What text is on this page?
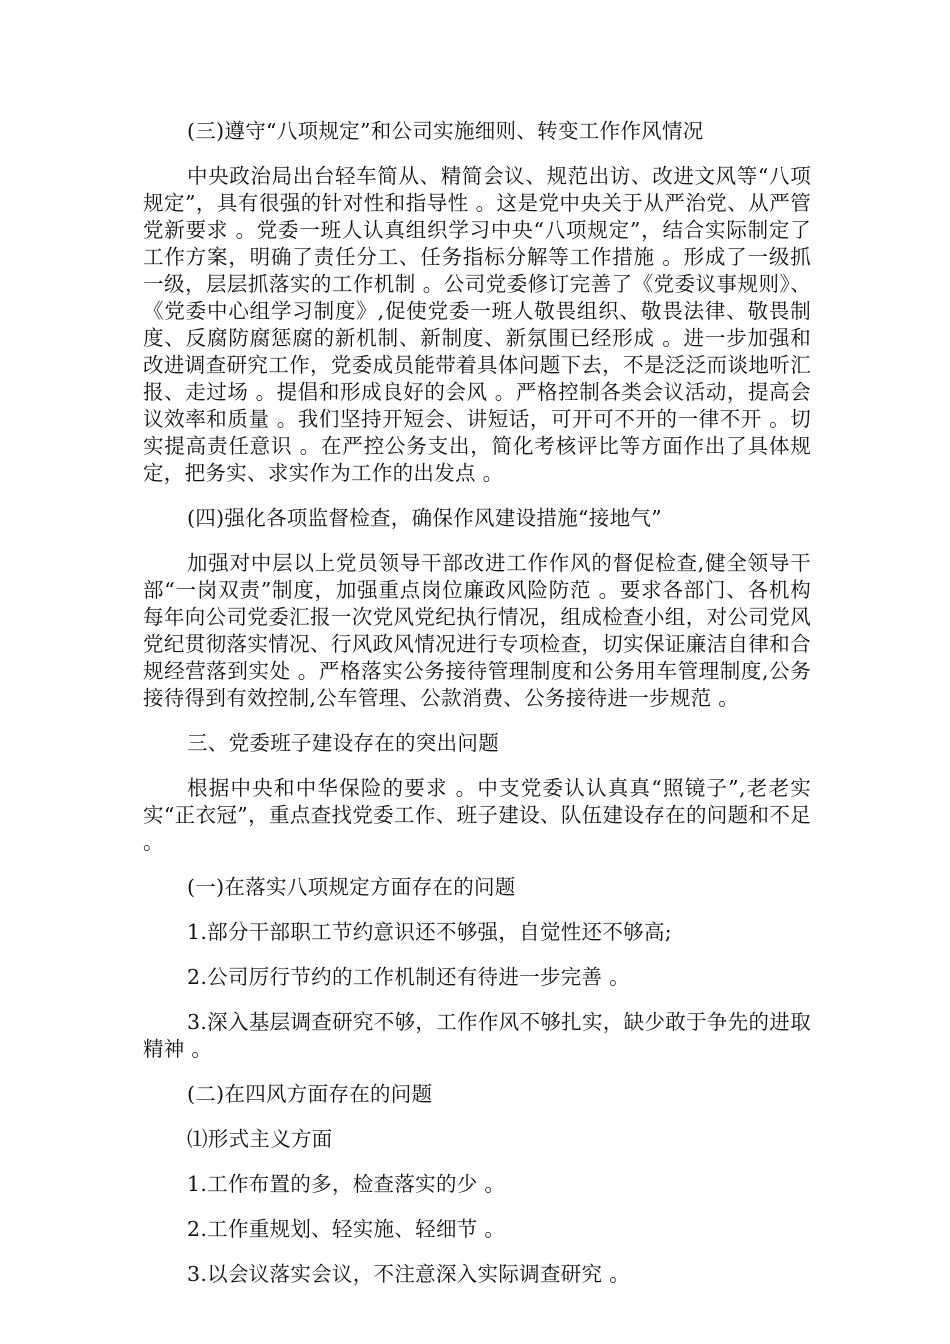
(三)遵守“八项规定”和公司实施细则、转变工作作风情况

中央政治局出台轻车简从、精简会议、规范出访、改进文风等“八项规定”，具有很强的针对性和指导性 。这是党中央关于从严治党、从严管党新要求 。党委一班人认真组织学习中央“八项规定”，结合实际制定了工作方案，明确了责任分工、任务指标分解等工作措施 。形成了一级抓一级，层层抓落实的工作机制 。公司党委修订完善了《党委议事规则》、《党委中心组学习制度》,促使党委一班人敬畏组织、敬畏法律、敬畏制度、反腐防腐惩腐的新机制、新制度、新氛围已经形成 。进一步加强和改进调查研究工作，党委成员能带着具体问题下去，不是泛泛而谈地听汇报、走过场 。提倡和形成良好的会风 。严格控制各类会议活动，提高会议效率和质量 。我们坚持开短会、讲短话，可开可不开的一律不开 。切实提高责任意识 。在严控公务支出，简化考核评比等方面作出了具体规定，把务实、求实作为工作的出发点 。

(四)强化各项监督检查，确保作风建设措施“接地气”

加强对中层以上党员领导干部改进工作作风的督促检查,健全领导干部“一岗双责”制度，加强重点岗位廉政风险防范 。要求各部门、各机构每年向公司党委汇报一次党风党纪执行情况，组成检查小组，对公司党风党纪贯彻落实情况、行风政风情况进行专项检查，切实保证廉洁自律和合规经营落到实处 。严格落实公务接待管理制度和公务用车管理制度,公务接待得到有效控制,公车管理、公款消费、公务接待进一步规范 。

三、党委班子建设存在的突出问题

根据中央和中华保险的要求 。中支党委认认真真“照镜子”,老老实实“正衣冠”，重点查找党委工作、班子建设、队伍建设存在的问题和不足 。

(一)在落实八项规定方面存在的问题

1.部分干部职工节约意识还不够强，自觉性还不够高;

2.公司厉行节约的工作机制还有待进一步完善 。

3.深入基层调查研究不够，工作作风不够扎实，缺少敢于争先的进取精神 。

(二)在四风方面存在的问题

⑴形式主义方面

1.工作布置的多，检查落实的少 。

2.工作重规划、轻实施、轻细节 。

3.以会议落实会议，不注意深入实际调查研究 。
